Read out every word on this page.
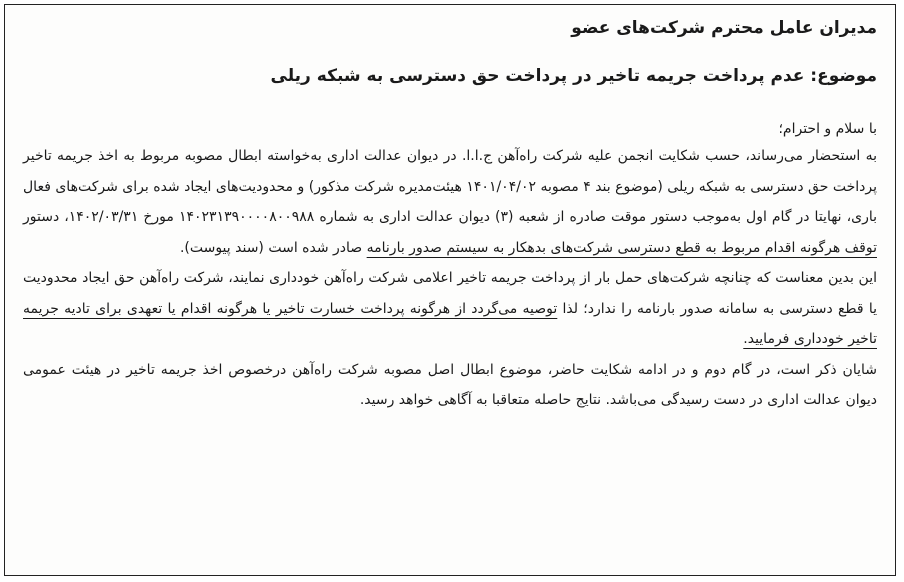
مدیران عامل محترم شرکت‌های عضو

موضوع: عدم پرداخت جریمه تاخیر در پرداخت حق دسترسی به شبکه ریلی

با سلام و احترام؛

به استحضار می‌رساند، حسب شکایت انجمن علیه شرکت راه‌آهن ج.ا.ا. در دیوان عدالت اداری به‌خواسته ابطال مصوبه مربوط به اخذ جریمه تاخیر پرداخت حق دسترسی به شبکه ریلی (موضوع بند ۴ مصوبه ۱۴۰۱/۰۴/۰۲ هیئت‌مدیره شرکت مذکور) و محدودیت‌های ایجاد شده برای شرکت‌های فعال باری، نهایتا در گام اول به‌موجب دستور موقت صادره از شعبه (۳) دیوان عدالت اداری به شماره ۱۴۰۲۳۱۳۹۰۰۰۰۸۰۰۹۸۸ مورخ ۱۴۰۲/۰۳/۳۱، دستور توقف هرگونه اقدام مربوط به قطع دسترسی شرکت‌های بدهکار به سیستم صدور بارنامه صادر شده است (سند پیوست).

این بدین معناست که چنانچه شرکت‌های حمل بار از پرداخت جریمه تاخیر اعلامی شرکت راه‌آهن خودداری نمایند، شرکت راه‌آهن حق ایجاد محدودیت یا قطع دسترسی به سامانه صدور بارنامه را ندارد؛ لذا توصیه می‌گردد از هرگونه پرداخت خسارت تاخیر یا هرگونه اقدام یا تعهدی برای تادیه جریمه تاخیر خودداری فرمایید.

شایان ذکر است، در گام دوم و در ادامه شکایت حاضر، موضوع ابطال اصل مصوبه شرکت راه‌آهن درخصوص اخذ جریمه تاخیر در هیئت عمومی دیوان عدالت اداری در دست رسیدگی می‌باشد. نتایج حاصله متعاقبا به آگاهی خواهد رسید.
